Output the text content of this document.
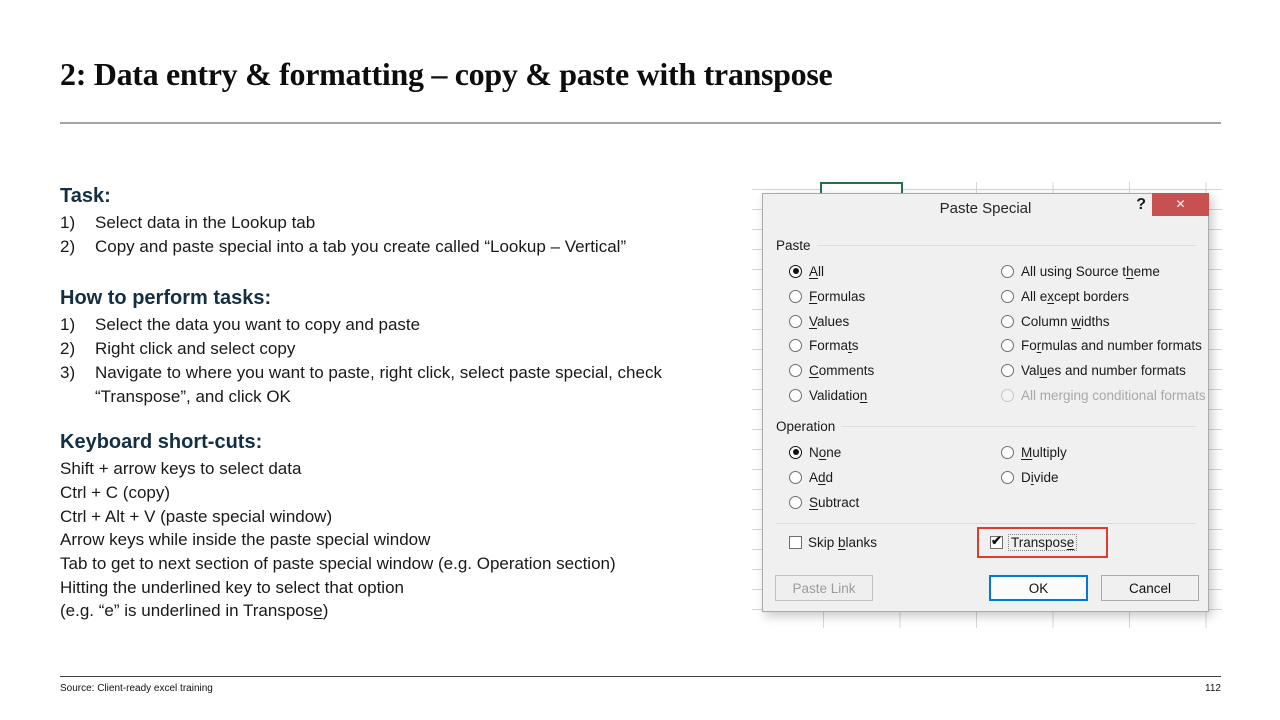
2: Data entry & formatting – copy & paste with transpose
Task:
1)	Select data in the Lookup tab
2)	Copy and paste special into a tab you create called “Lookup – Vertical”
How to perform tasks:
1)	Select the data you want to copy and paste
2)	Right click and select copy
3)	Navigate to where you want to paste, right click, select paste special, check “Transpose”, and click OK
Keyboard short-cuts:
Shift + arrow keys to select data
Ctrl + C (copy)
Ctrl + Alt + V (paste special window)
Arrow keys while inside the paste special window
Tab to get to next section of paste special window (e.g. Operation section)
Hitting the underlined key to select that option
(e.g. “e” is underlined in Transpose)
Paste Special	?	✕
Paste
All
Formulas
Values
Formats
Comments
Validation
All using Source theme
All except borders
Column widths
Formulas and number formats
Values and number formats
All merging conditional formats
Operation
None
Add
Subtract
Multiply
Divide
Skip blanks ✔	Transpose
Paste Link	OK	Cancel
Source: Client-ready excel training	112
